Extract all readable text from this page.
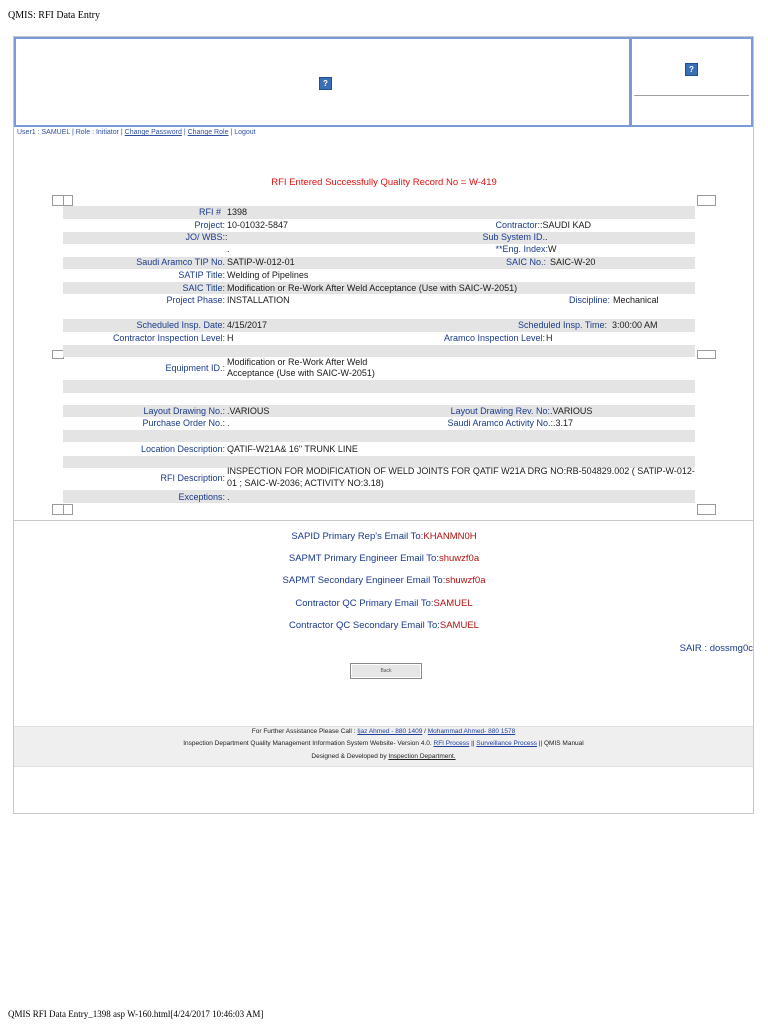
QMIS: RFI Data Entry
?
?
User1 : SAMUEL | Role : Initiator | Change Password | Change Role | Logout
RFI Entered Successfully Quality Record No = W-419
RFI # 1398
Project: 10-01032-5847	Contractor: :SAUDI KAD
JO/ WBS: :	Sub System ID. .
.	**Eng. Index: W
Saudi Aramco TIP No. SATIP-W-012-01	SAIC No.: SAIC-W-20
SATIP Title: Welding of Pipelines
SAIC Title: Modification or Re-Work After Weld Acceptance (Use with SAIC-W-2051)
Project Phase: INSTALLATION	Discipline: Mechanical
Scheduled Insp. Date: 4/15/2017	Scheduled Insp. Time: 3:00:00 AM
Contractor Inspection Level: H	Aramco Inspection Level: H
Equipment ID.:
Modification or Re-Work After Weld
Acceptance (Use with SAIC-W-2051)
Layout Drawing No.: .VARIOUS	Layout Drawing Rev. No: .VARIOUS
Purchase Order No.: .	Saudi Aramco Activity No.: .3.17
Location Description: QATIF-W21A& 16" TRUNK LINE
RFI Description:
INSPECTION FOR MODIFICATION OF WELD JOINTS FOR QATIF W21A DRG NO:RB-504829.002 ( SATIP-W-012-
01 ; SAIC-W-2036; ACTIVITY NO:3.18)
Exceptions: .
SAPID Primary Rep's Email To:KHANMN0H
SAPMT Primary Engineer Email To:shuwzf0a
SAPMT Secondary Engineer Email To:shuwzf0a
Contractor QC Primary Email To:SAMUEL
Contractor QC Secondary Email To:SAMUEL
SAIR : dossmg0c
Back
For Further Assistance Please Call : Ijaz Ahmed - 880 1409 / Mohammad Ahmed- 880 1578
Inspection Department Quality Management Information System Website- Version 4.0. RFI Process || Surveillance Process || QMIS Manual
Designed & Developed by Inspection Department.
QMIS RFI Data Entry_1398 asp W-160.html[4/24/2017 10:46:03 AM]
